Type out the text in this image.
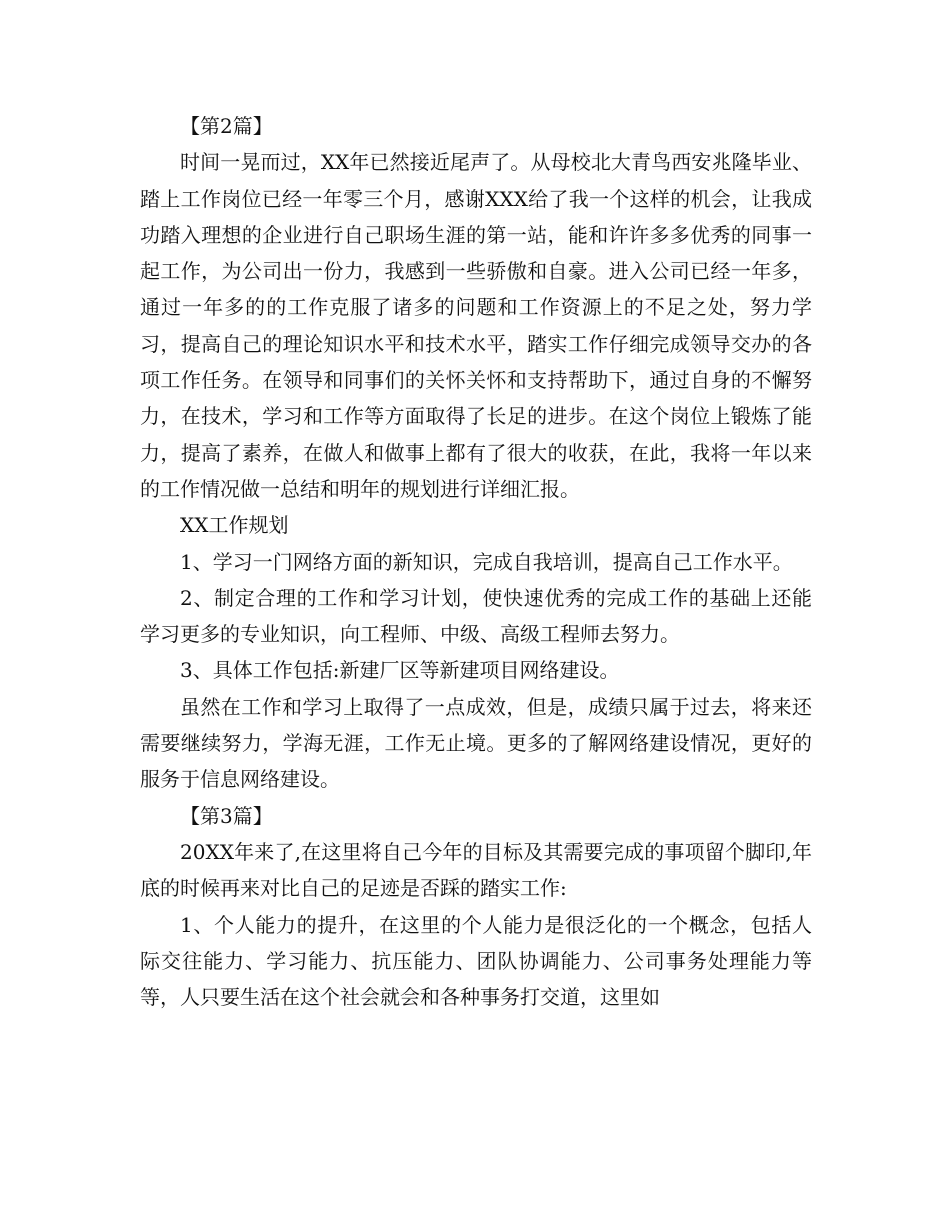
【第2篇】

时间一晃而过，XX年已然接近尾声了。从母校北大青鸟西安兆隆毕业、踏上工作岗位已经一年零三个月，感谢XXX给了我一个这样的机会，让我成功踏入理想的企业进行自己职场生涯的第一站，能和许许多多优秀的同事一起工作，为公司出一份力，我感到一些骄傲和自豪。进入公司已经一年多，通过一年多的的工作克服了诸多的问题和工作资源上的不足之处，努力学习，提高自己的理论知识水平和技术水平，踏实工作仔细完成领导交办的各项工作任务。在领导和同事们的关怀关怀和支持帮助下，通过自身的不懈努力，在技术，学习和工作等方面取得了长足的进步。在这个岗位上锻炼了能力，提高了素养，在做人和做事上都有了很大的收获，在此，我将一年以来的工作情况做一总结和明年的规划进行详细汇报。

XX工作规划

1、学习一门网络方面的新知识，完成自我培训，提高自己工作水平。

2、制定合理的工作和学习计划，使快速优秀的完成工作的基础上还能学习更多的专业知识，向工程师、中级、高级工程师去努力。

3、具体工作包括:新建厂区等新建项目网络建设。

虽然在工作和学习上取得了一点成效，但是，成绩只属于过去，将来还需要继续努力，学海无涯，工作无止境。更多的了解网络建设情况，更好的服务于信息网络建设。

【第3篇】

20XX年来了,在这里将自己今年的目标及其需要完成的事项留个脚印,年底的时候再来对比自己的足迹是否踩的踏实工作:

1、个人能力的提升，在这里的个人能力是很泛化的一个概念，包括人际交往能力、学习能力、抗压能力、团队协调能力、公司事务处理能力等等，人只要生活在这个社会就会和各种事务打交道，这里如
